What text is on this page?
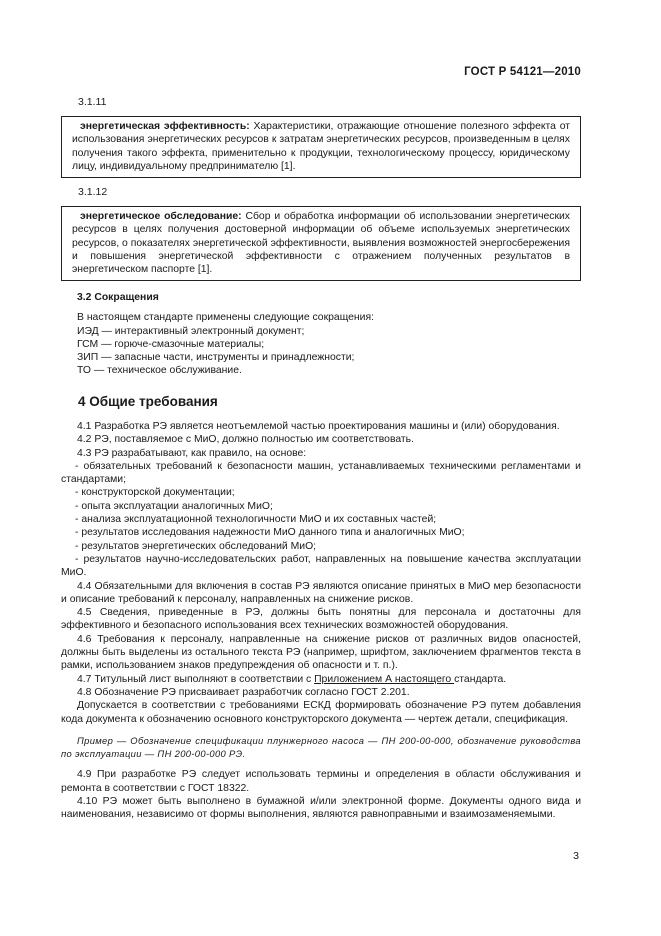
ГОСТ Р 54121—2010
3.1.11

энергетическая эффективность: Характеристики, отражающие отношение полезного эффекта от использования энергетических ресурсов к затратам энергетических ресурсов, произведенным в целях получения такого эффекта, применительно к продукции, технологическому процессу, юридическому лицу, индивидуальному предпринимателю [1].

3.1.12

энергетическое обследование: Сбор и обработка информации об использовании энергетических ресурсов в целях получения достоверной информации об объеме используемых энергетических ресурсов, о показателях энергетической эффективности, выявления возможностей энергосбережения и повышения энергетической эффективности с отражением полученных результатов в энергетическом паспорте [1].

3.2 Сокращения

В настоящем стандарте применены следующие сокращения:

ИЭД — интерактивный электронный документ;

ГСМ — горюче-смазочные материалы;

ЗИП — запасные части, инструменты и принадлежности;

ТО — техническое обслуживание.

4 Общие требования

4.1 Разработка РЭ является неотъемлемой частью проектирования машины и (или) оборудования.

4.2 РЭ, поставляемое с МиО, должно полностью им соответствовать.

4.3 РЭ разрабатывают, как правило, на основе:

- обязательных требований к безопасности машин, устанавливаемых техническими регламентами и стандартами;

- конструкторской документации;

- опыта эксплуатации аналогичных МиО;

- анализа эксплуатационной технологичности МиО и их составных частей;

- результатов исследования надежности МиО данного типа и аналогичных МиО;

- результатов энергетических обследований МиО;

- результатов научно-исследовательских работ, направленных на повышение качества эксплуатации МиО.

4.4 Обязательными для включения в состав РЭ являются описание принятых в МиО мер безопасности и описание требований к персоналу, направленных на снижение рисков.

4.5 Сведения, приведенные в РЭ, должны быть понятны для персонала и достаточны для эффективного и безопасного использования всех технических возможностей оборудования.

4.6 Требования к персоналу, направленные на снижение рисков от различных видов опасностей, должны быть выделены из остального текста РЭ (например, шрифтом, заключением фрагментов текста в рамки, использованием знаков предупреждения об опасности и т. п.).

4.7 Титульный лист выполняют в соответствии с Приложением А настоящего стандарта.

4.8 Обозначение РЭ присваивает разработчик согласно ГОСТ 2.201.

Допускается в соответствии с требованиями ЕСКД формировать обозначение РЭ путем добавления кода документа к обозначению основного конструкторского документа — чертеж детали, спецификация.

Пример — Обозначение спецификации плунжерного насоса — ПН 200-00-000, обозначение руководства по эксплуатации — ПН 200-00-000 РЭ.

4.9 При разработке РЭ следует использовать термины и определения в области обслуживания и ремонта в соответствии с ГОСТ 18322.

4.10 РЭ может быть выполнено в бумажной и/или электронной форме. Документы одного вида и наименования, независимо от формы выполнения, являются равноправными и взаимозаменяемыми.

3
